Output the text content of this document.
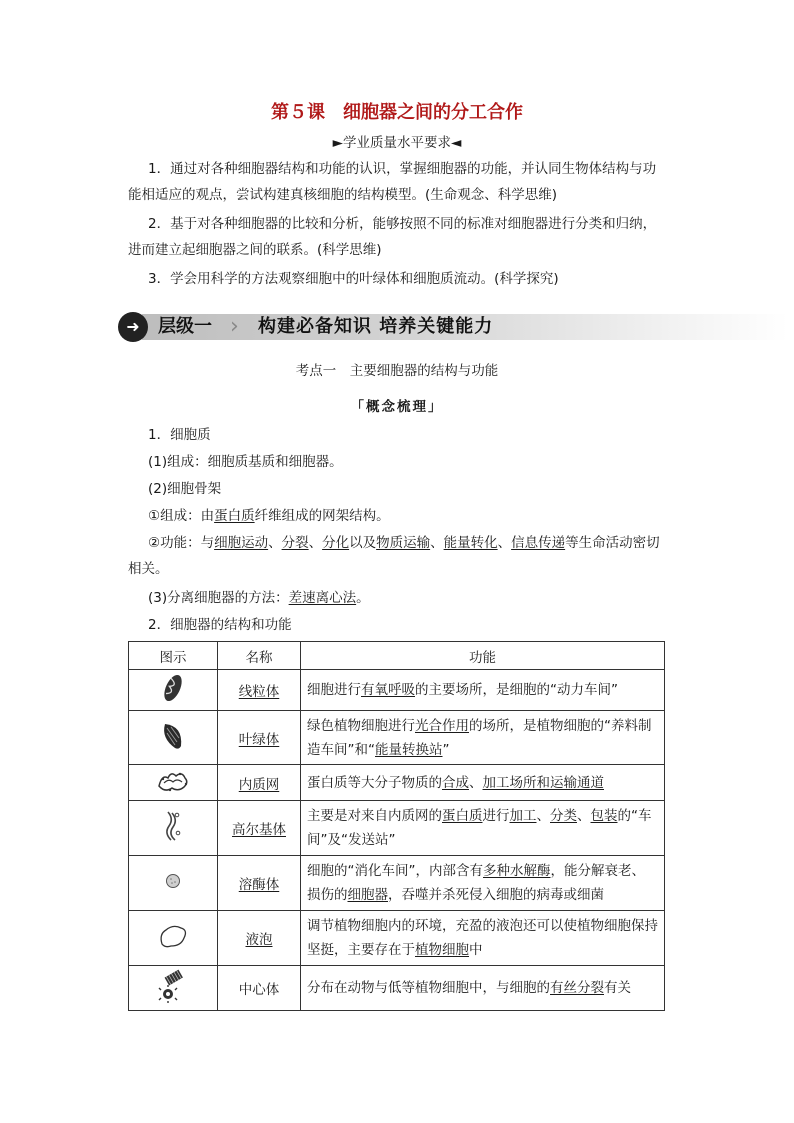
第５课　细胞器之间的分工合作
►学业质量水平要求◄
1．通过对各种细胞器结构和功能的认识，掌握细胞器的功能，并认同生物体结构与功
能相适应的观点，尝试构建真核细胞的结构模型。(生命观念、科学思维)
2．基于对各种细胞器的比较和分析，能够按照不同的标准对细胞器进行分类和归纳，
进而建立起细胞器之间的联系。(科学思维)
3．学会用科学的方法观察细胞中的叶绿体和细胞质流动。(科学探究)
➜	层级一 ›	构建必备知识 培养关键能力
考点一　主要细胞器的结构与功能
「概念梳理」
1．细胞质
(1)组成：细胞质基质和细胞器。
(2)细胞骨架
①组成：由蛋白质纤维组成的网架结构。
②功能：与细胞运动、分裂、分化以及物质运输、能量转化、信息传递等生命活动密切
相关。
(3)分离细胞器的方法：差速离心法。
2．细胞器的结构和功能
图示	名称	功能
	线粒体	细胞进行有氧呼吸的主要场所，是细胞的“动力车间”
	叶绿体	绿色植物细胞进行光合作用的场所，是植物细胞的“养料制造车间”和“能量转换站”
	内质网	蛋白质等大分子物质的合成、加工场所和运输通道
	高尔基体	主要是对来自内质网的蛋白质进行加工、分类、包装的“车间”及“发送站”
	溶酶体	细胞的“消化车间”，内部含有多种水解酶，能分解衰老、损伤的细胞器，吞噬并杀死侵入细胞的病毒或细菌
	液泡	调节植物细胞内的环境，充盈的液泡还可以使植物细胞保持坚挺，主要存在于植物细胞中
	中心体	分布在动物与低等植物细胞中，与细胞的有丝分裂有关
